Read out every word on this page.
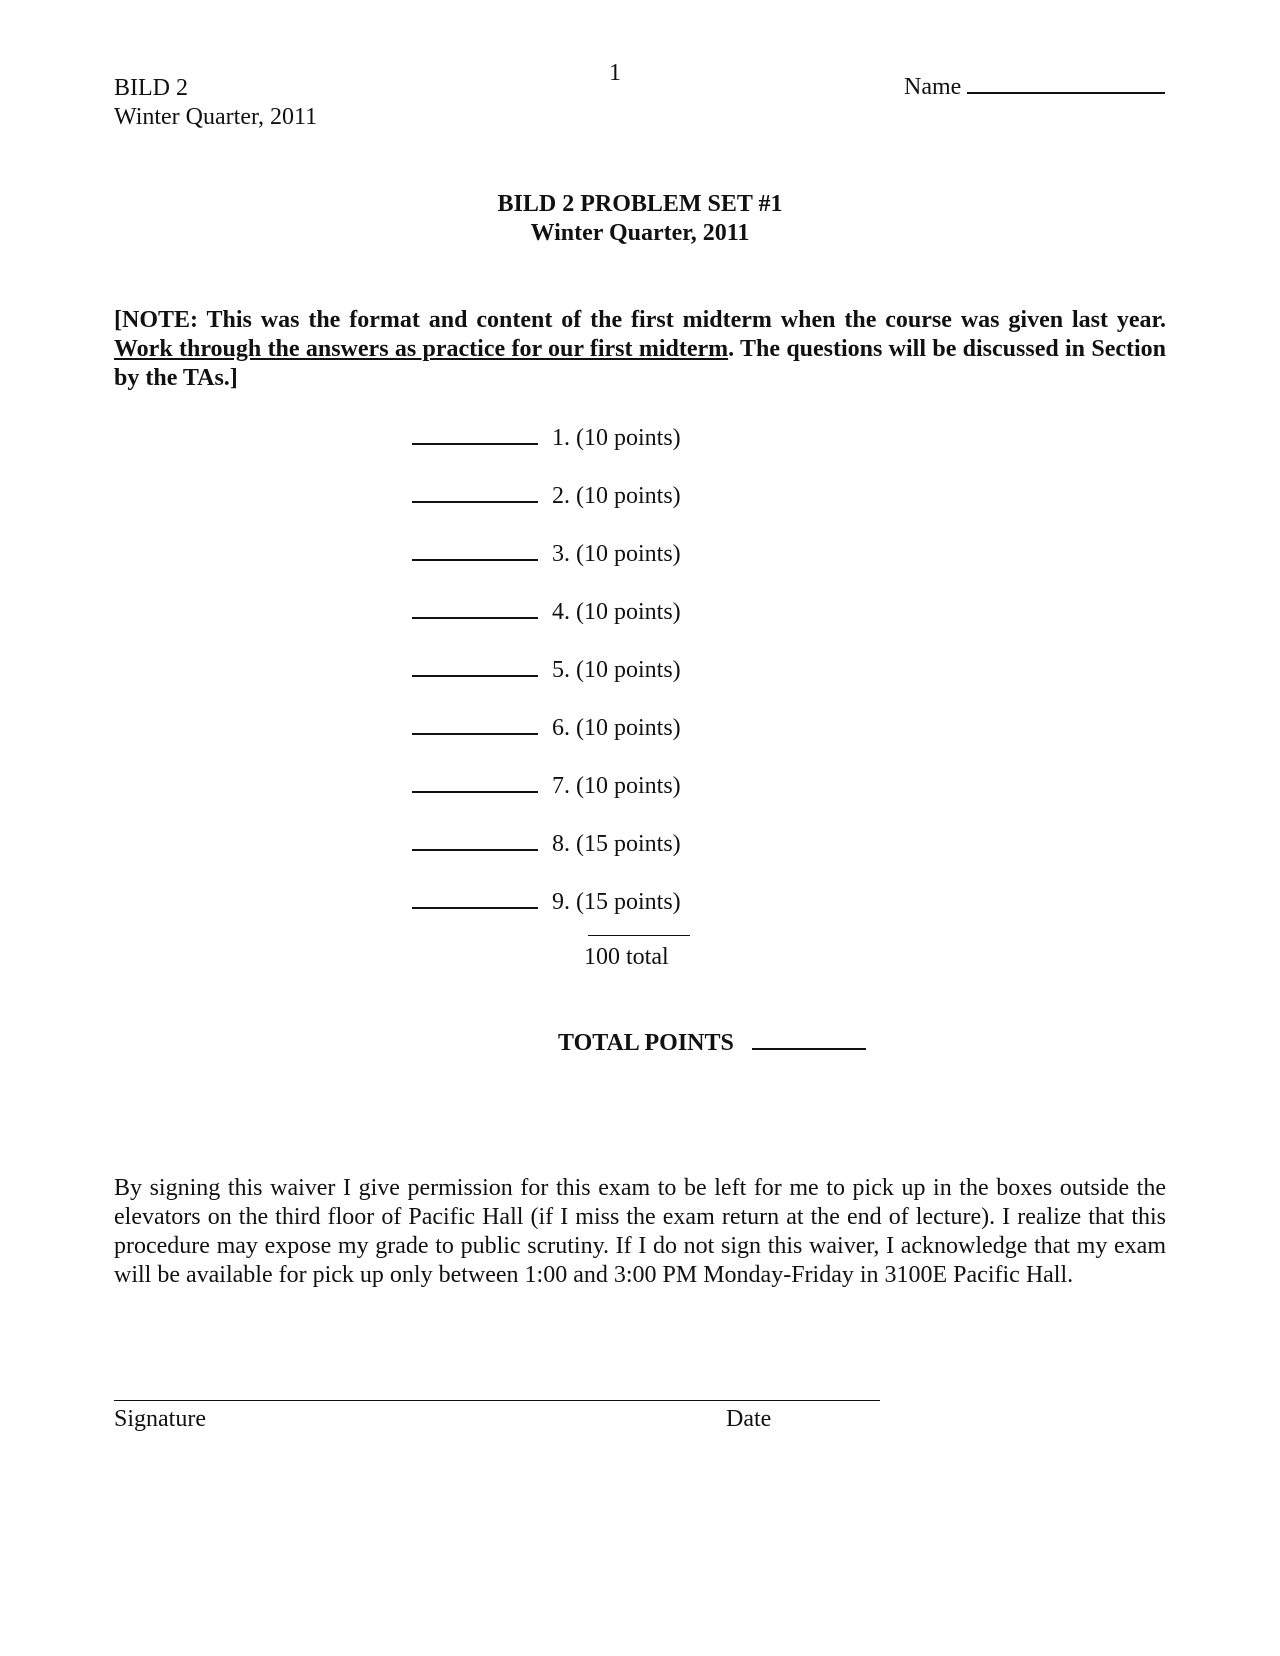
BILD 2
Winter Quarter, 2011
1
Name
BILD 2 PROBLEM SET #1
Winter Quarter, 2011
[NOTE: This was the format and content of the first midterm when the course was given last year. Work through the answers as practice for our first midterm. The questions will be discussed in Section by the TAs.]
1. (10 points)
2. (10 points)
3. (10 points)
4. (10 points)
5. (10 points)
6. (10 points)
7. (10 points)
8. (15 points)
9. (15 points)
100 total
TOTAL POINTS
By signing this waiver I give permission for this exam to be left for me to pick up in the boxes outside the elevators on the third floor of Pacific Hall (if I miss the exam return at the end of lecture). I realize that this procedure may expose my grade to public scrutiny. If I do not sign this waiver, I acknowledge that my exam will be available for pick up only between 1:00 and 3:00 PM Monday-Friday in 3100E Pacific Hall.
Signature	Date
